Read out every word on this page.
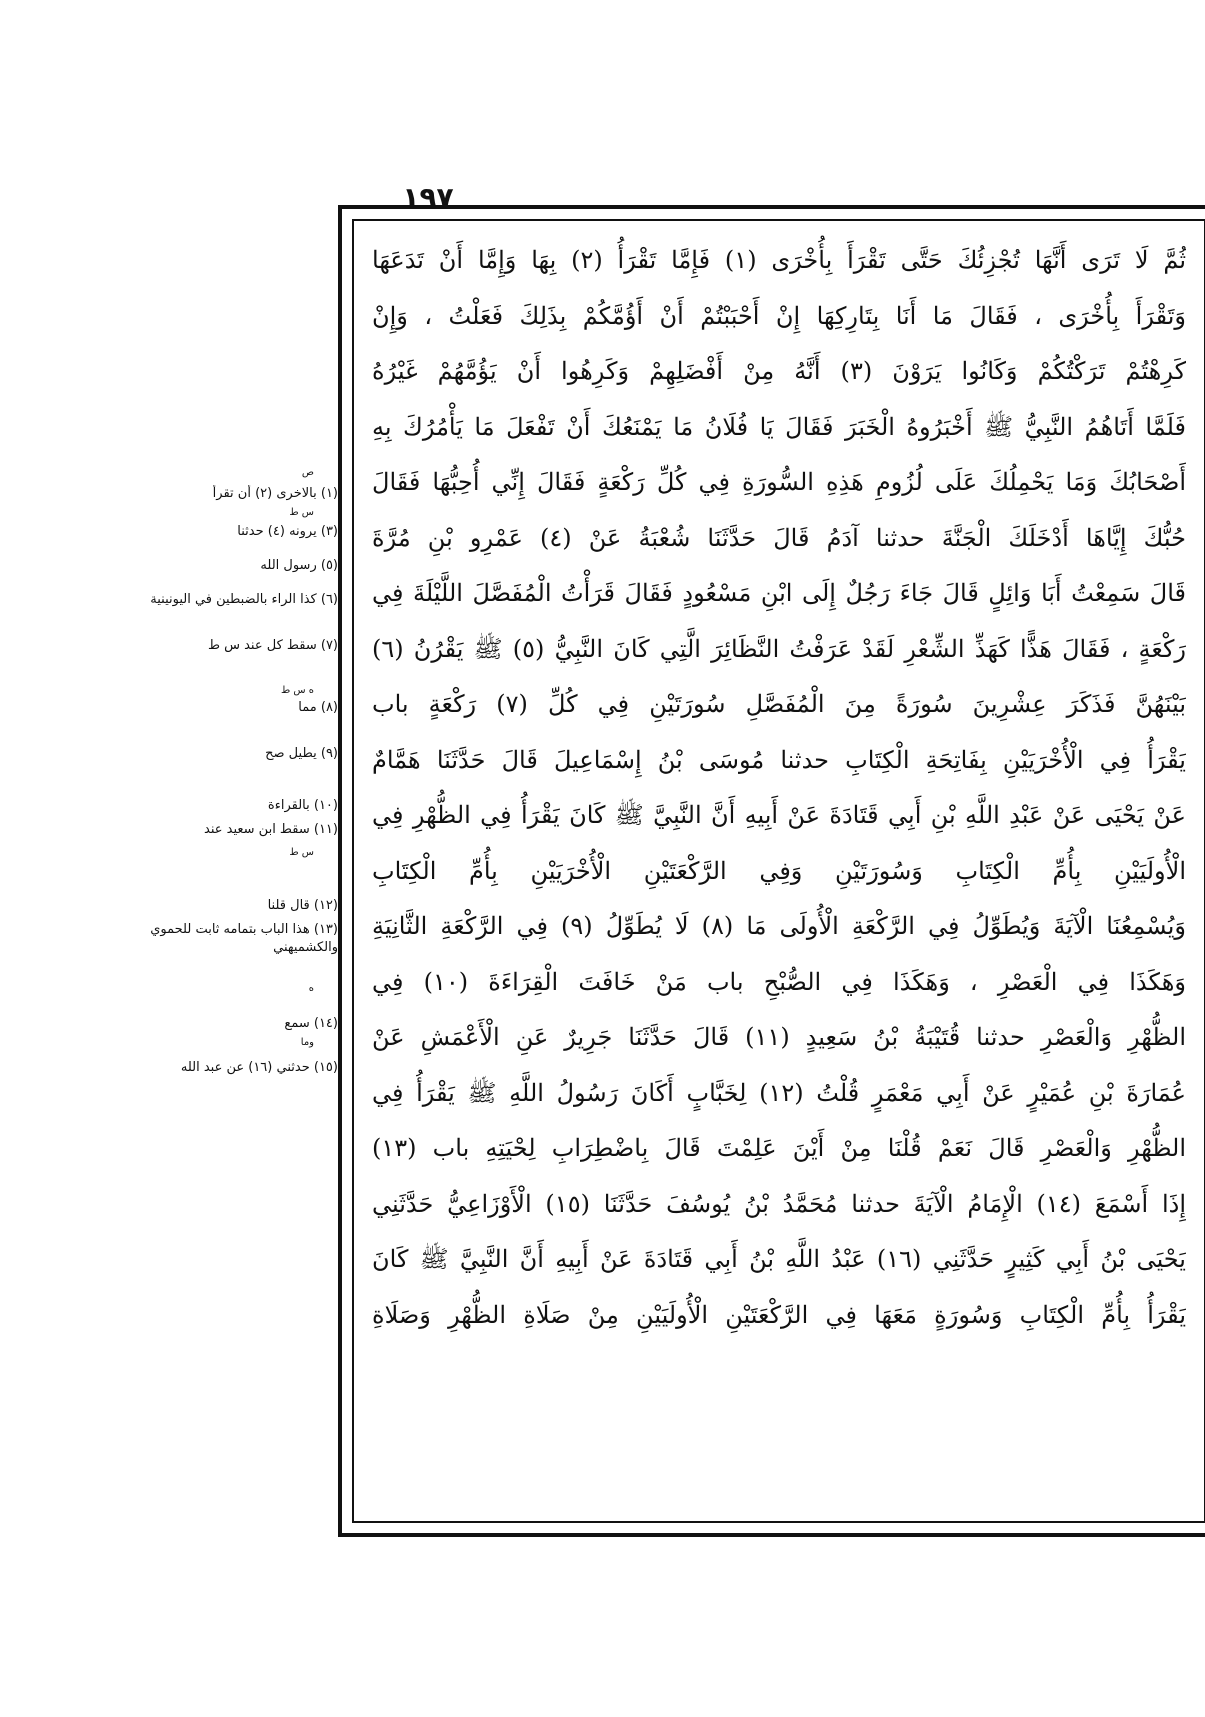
١٩٧
ثُمَّ لَا تَرَى أَنَّهَا تُجْزِئُكَ حَتَّى تَقْرَأَ بِأُخْرَى (١) فَإِمَّا تَقْرَأُ (٢) بِهَا وَإِمَّا أَنْ تَدَعَهَا
وَتَقْرَأَ بِأُخْرَى ، فَقَالَ مَا أَنَا بِتَارِكِهَا إِنْ أَحْبَبْتُمْ أَنْ أَؤُمَّكُمْ بِذَلِكَ فَعَلْتُ ، وَإِنْ
كَرِهْتُمْ تَرَكْتُكُمْ وَكَانُوا يَرَوْنَ (٣) أَنَّهُ مِنْ أَفْضَلِهِمْ وَكَرِهُوا أَنْ يَؤُمَّهُمْ غَيْرُهُ
فَلَمَّا أَتَاهُمُ النَّبِيُّ ﷺ أَخْبَرُوهُ الْخَبَرَ فَقَالَ يَا فُلَانُ مَا يَمْنَعُكَ أَنْ تَفْعَلَ مَا يَأْمُرُكَ بِهِ
أَصْحَابُكَ وَمَا يَحْمِلُكَ عَلَى لُزُومِ هَذِهِ السُّورَةِ فِي كُلِّ رَكْعَةٍ فَقَالَ إِنِّي أُحِبُّهَا فَقَالَ
حُبُّكَ إِيَّاهَا أَدْخَلَكَ الْجَنَّةَ حدثنا آدَمُ قَالَ حَدَّثَنَا شُعْبَةُ عَنْ (٤) عَمْرِو بْنِ مُرَّةَ
قَالَ سَمِعْتُ أَبَا وَائِلٍ قَالَ جَاءَ رَجُلٌ إِلَى ابْنِ مَسْعُودٍ فَقَالَ قَرَأْتُ الْمُفَصَّلَ اللَّيْلَةَ فِي
رَكْعَةٍ ، فَقَالَ هَذًّا كَهَذِّ الشِّعْرِ لَقَدْ عَرَفْتُ النَّظَائِرَ الَّتِي كَانَ النَّبِيُّ (٥) ﷺ يَقْرُنُ (٦)
بَيْنَهُنَّ فَذَكَرَ عِشْرِينَ سُورَةً مِنَ الْمُفَصَّلِ سُورَتَيْنِ فِي كُلِّ (٧) رَكْعَةٍ باب
يَقْرَأُ فِي الْأُخْرَيَيْنِ بِفَاتِحَةِ الْكِتَابِ حدثنا مُوسَى بْنُ إِسْمَاعِيلَ قَالَ حَدَّثَنَا هَمَّامٌ
عَنْ يَحْيَى عَنْ عَبْدِ اللَّهِ بْنِ أَبِي قَتَادَةَ عَنْ أَبِيهِ أَنَّ النَّبِيَّ ﷺ كَانَ يَقْرَأُ فِي الظُّهْرِ فِي
الْأُولَيَيْنِ بِأُمِّ الْكِتَابِ وَسُورَتَيْنِ وَفِي الرَّكْعَتَيْنِ الْأُخْرَيَيْنِ بِأُمِّ الْكِتَابِ
وَيُسْمِعُنَا الْآيَةَ وَيُطَوِّلُ فِي الرَّكْعَةِ الْأُولَى مَا (٨) لَا يُطَوِّلُ (٩) فِي الرَّكْعَةِ الثَّانِيَةِ
وَهَكَذَا فِي الْعَصْرِ ، وَهَكَذَا فِي الصُّبْحِ باب مَنْ خَافَتَ الْقِرَاءَةَ (١٠) فِي
الظُّهْرِ وَالْعَصْرِ حدثنا قُتَيْبَةُ بْنُ سَعِيدٍ (١١) قَالَ حَدَّثَنَا جَرِيرٌ عَنِ الْأَعْمَشِ عَنْ
عُمَارَةَ بْنِ عُمَيْرٍ عَنْ أَبِي مَعْمَرٍ قُلْتُ (١٢) لِخَبَّابٍ أَكَانَ رَسُولُ اللَّهِ ﷺ يَقْرَأُ فِي
الظُّهْرِ وَالْعَصْرِ قَالَ نَعَمْ قُلْنَا مِنْ أَيْنَ عَلِمْتَ قَالَ بِاضْطِرَابِ لِحْيَتِهِ باب (١٣)
إِذَا أَسْمَعَ (١٤) الْإِمَامُ الْآيَةَ حدثنا مُحَمَّدُ بْنُ يُوسُفَ حَدَّثَنَا (١٥) الْأَوْزَاعِيُّ حَدَّثَنِي
يَحْيَى بْنُ أَبِي كَثِيرٍ حَدَّثَنِي (١٦) عَبْدُ اللَّهِ بْنُ أَبِي قَتَادَةَ عَنْ أَبِيهِ أَنَّ النَّبِيَّ ﷺ كَانَ
يَقْرَأُ بِأُمِّ الْكِتَابِ وَسُورَةٍ مَعَهَا فِي الرَّكْعَتَيْنِ الْأُولَيَيْنِ مِنْ صَلَاةِ الظُّهْرِ وَصَلَاةِ
ص
(١) بالاخرى (٢) أن تقرأ
س ط
(٣) يرونه (٤) حدثنا
(٥) رسول الله
(٦) كذا الراء بالضبطين في اليونينية
(٧) سقط كل عند س ط
ه س ط
(٨) مما
(٩) يطيل صح
(١٠) بالقراءة
(١١) سقط ابن سعيد عند
س ط
(١٢) قال قلنا
(١٣) هذا الباب بتمامه ثابت للحموي والكشميهني
ه
(١٤) سمع
وما
(١٥) حدثني (١٦) عن عبد الله
